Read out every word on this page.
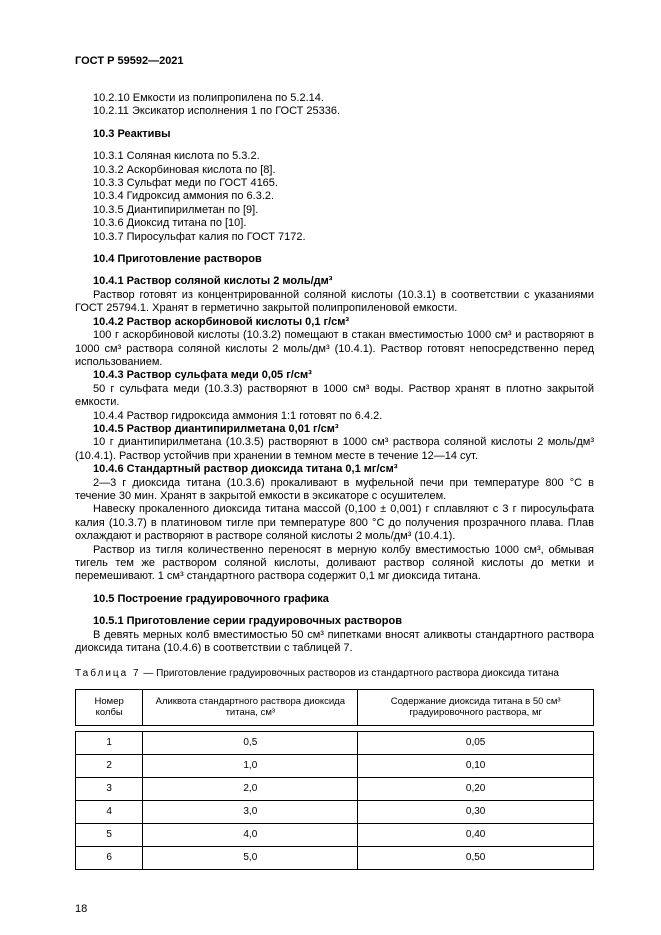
ГОСТ Р 59592—2021

10.2.10 Емкости из полипропилена по 5.2.14.

10.2.11 Эксикатор исполнения 1 по ГОСТ 25336.

10.3 Реактивы

10.3.1 Соляная кислота по 5.3.2.

10.3.2 Аскорбиновая кислота по [8].

10.3.3 Сульфат меди по ГОСТ 4165.

10.3.4 Гидроксид аммония по 6.3.2.

10.3.5 Диантипирилметан по [9].

10.3.6 Диоксид титана по [10].

10.3.7 Пиросульфат калия по ГОСТ 7172.

10.4 Приготовление растворов

10.4.1 Раствор соляной кислоты 2 моль/дм³

Раствор готовят из концентрированной соляной кислоты (10.3.1) в соответствии с указаниями ГОСТ 25794.1. Хранят в герметично закрытой полипропиленовой емкости.

10.4.2 Раствор аскорбиновой кислоты 0,1 г/см³

100 г аскорбиновой кислоты (10.3.2) помещают в стакан вместимостью 1000 см³ и растворяют в 1000 см³ раствора соляной кислоты 2 моль/дм³ (10.4.1). Раствор готовят непосредственно перед использованием.

10.4.3 Раствор сульфата меди 0,05 г/см³

50 г сульфата меди (10.3.3) растворяют в 1000 см³ воды. Раствор хранят в плотно закрытой емкости.

10.4.4 Раствор гидроксида аммония 1:1 готовят по 6.4.2.

10.4.5 Раствор диантипирилметана 0,01 г/см³

10 г диантипирилметана (10.3.5) растворяют в 1000 см³ раствора соляной кислоты 2 моль/дм³ (10.4.1). Раствор устойчив при хранении в темном месте в течение 12—14 сут.

10.4.6 Стандартный раствор диоксида титана 0,1 мг/см³

2—3 г диоксида титана (10.3.6) прокаливают в муфельной печи при температуре 800 °С в течение 30 мин. Хранят в закрытой емкости в эксикаторе с осушителем.

Навеску прокаленного диоксида титана массой (0,100 ± 0,001) г сплавляют с 3 г пиросульфата калия (10.3.7) в платиновом тигле при температуре 800 °С до получения прозрачного плава. Плав охлаждают и растворяют в растворе соляной кислоты 2 моль/дм³ (10.4.1).

Раствор из тигля количественно переносят в мерную колбу вместимостью 1000 см³, обмывая тигель тем же раствором соляной кислоты, доливают раствор соляной кислоты до метки и перемешивают. 1 см³ стандартного раствора содержит 0,1 мг диоксида титана.

10.5 Построение градуировочного графика

10.5.1 Приготовление серии градуировочных растворов

В девять мерных колб вместимостью 50 см³ пипетками вносят аликвоты стандартного раствора диоксида титана (10.4.6) в соответствии с таблицей 7.

Таблица 7 — Приготовление градуировочных растворов из стандартного раствора диоксида титана

Номер колбы	Аликвота стандартного раствора диоксида титана, см³	Содержание диоксида титана в 50 см³ градуировочного раствора, мг
1	0,5	0,05
2	1,0	0,10
3	2,0	0,20
4	3,0	0,30
5	4,0	0,40
6	5,0	0,50
18
